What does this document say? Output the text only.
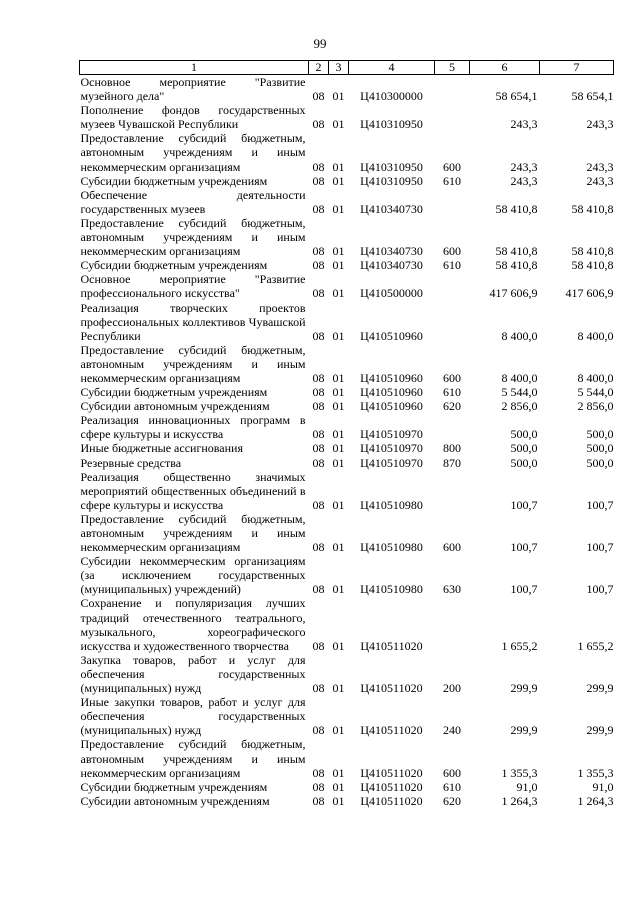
99
1	2	3	4	5	6	7
Основное мероприятие "Развитие музейного дела"	08	01	Ц410300000		58 654,1	58 654,1
Пополнение фондов государственных музеев Чувашской Республики	08	01	Ц410310950		243,3	243,3
Предоставление субсидий бюджетным, автономным учреждениям и иным некоммерческим организациям	08	01	Ц410310950	600	243,3	243,3
Субсидии бюджетным учреждениям	08	01	Ц410310950	610	243,3	243,3
Обеспечение деятельности государственных музеев	08	01	Ц410340730		58 410,8	58 410,8
Предоставление субсидий бюджетным, автономным учреждениям и иным некоммерческим организациям	08	01	Ц410340730	600	58 410,8	58 410,8
Субсидии бюджетным учреждениям	08	01	Ц410340730	610	58 410,8	58 410,8
Основное мероприятие "Развитие профессионального искусства"	08	01	Ц410500000		417 606,9	417 606,9
Реализация творческих проектов профессиональных коллективов Чувашской Республики	08	01	Ц410510960		8 400,0	8 400,0
Предоставление субсидий бюджетным, автономным учреждениям и иным некоммерческим организациям	08	01	Ц410510960	600	8 400,0	8 400,0
Субсидии бюджетным учреждениям	08	01	Ц410510960	610	5 544,0	5 544,0
Субсидии автономным учреждениям	08	01	Ц410510960	620	2 856,0	2 856,0
Реализация инновационных программ в сфере культуры и искусства	08	01	Ц410510970		500,0	500,0
Иные бюджетные ассигнования	08	01	Ц410510970	800	500,0	500,0
Резервные средства	08	01	Ц410510970	870	500,0	500,0
Реализация общественно значимых мероприятий общественных объединений в сфере культуры и искусства	08	01	Ц410510980		100,7	100,7
Предоставление субсидий бюджетным, автономным учреждениям и иным некоммерческим организациям	08	01	Ц410510980	600	100,7	100,7
Субсидии некоммерческим организациям (за исключением государственных (муниципальных) учреждений)	08	01	Ц410510980	630	100,7	100,7
Сохранение и популяризация лучших традиций отечественного театрального, музыкального, хореографического искусства и художественного творчества	08	01	Ц410511020		1 655,2	1 655,2
Закупка товаров, работ и услуг для обеспечения государственных (муниципальных) нужд	08	01	Ц410511020	200	299,9	299,9
Иные закупки товаров, работ и услуг для обеспечения государственных (муниципальных) нужд	08	01	Ц410511020	240	299,9	299,9
Предоставление субсидий бюджетным, автономным учреждениям и иным некоммерческим организациям	08	01	Ц410511020	600	1 355,3	1 355,3
Субсидии бюджетным учреждениям	08	01	Ц410511020	610	91,0	91,0
Субсидии автономным учреждениям	08	01	Ц410511020	620	1 264,3	1 264,3
